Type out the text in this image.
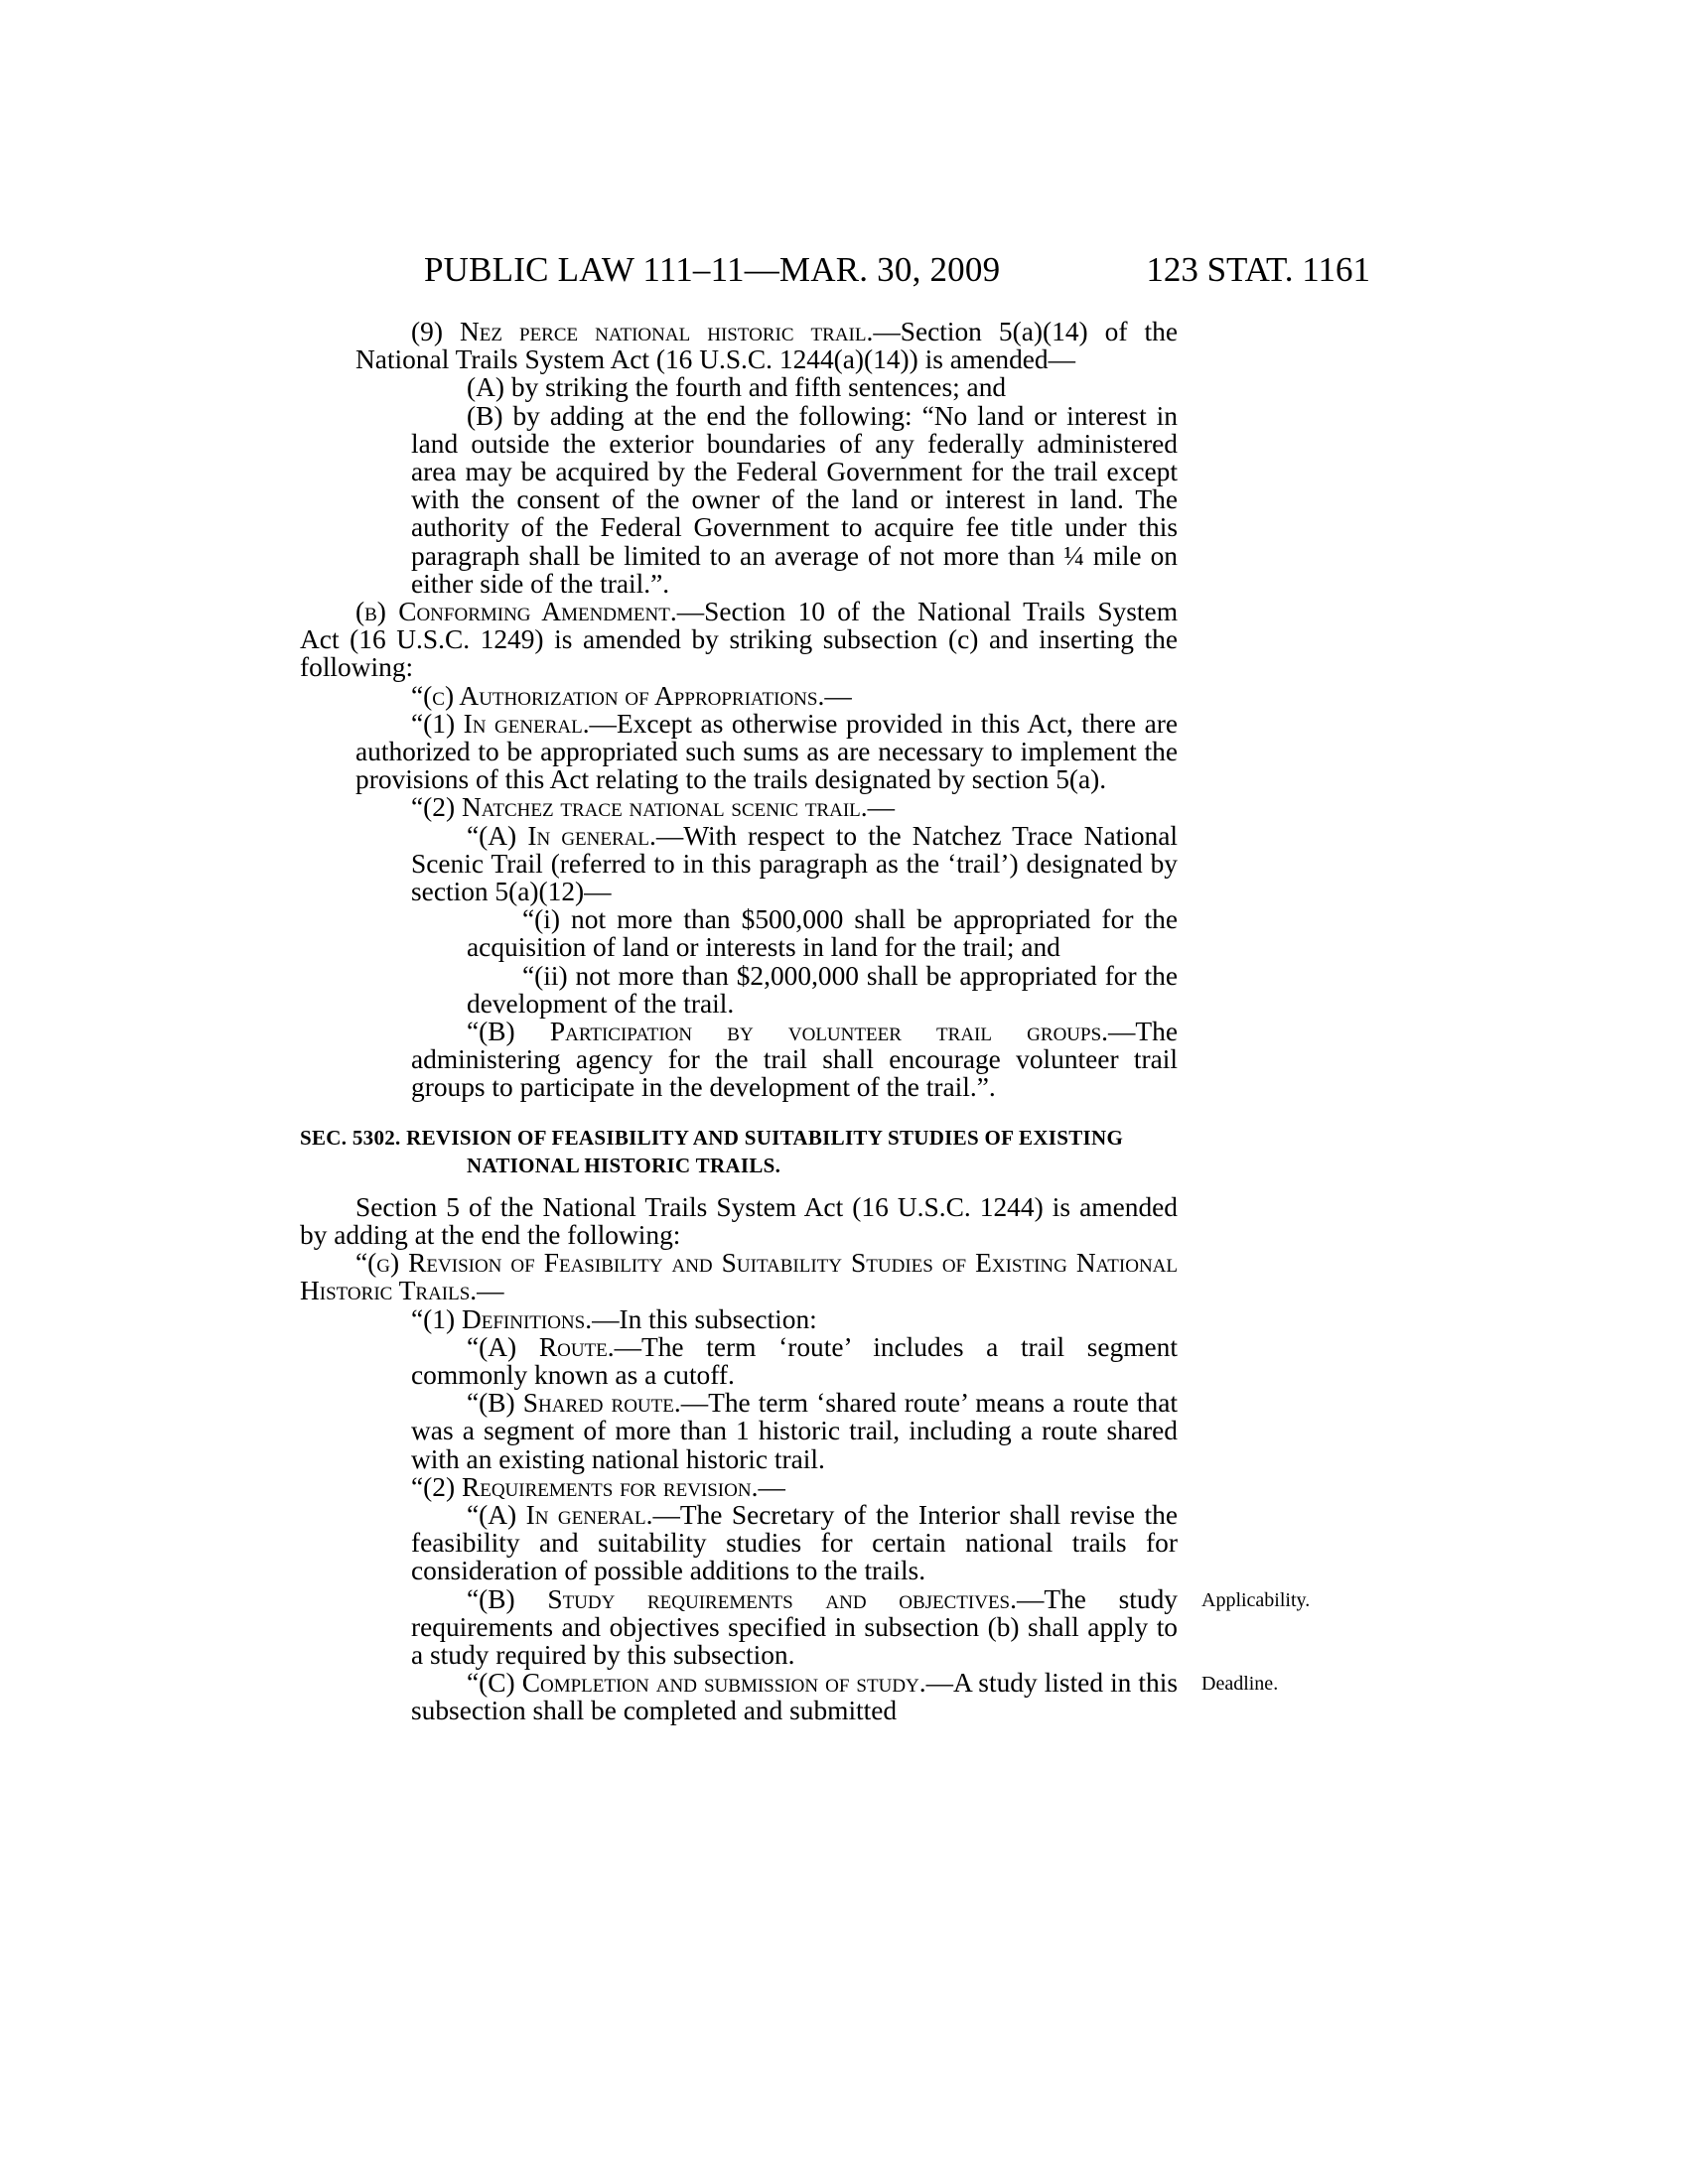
PUBLIC LAW 111–11—MAR. 30, 2009	123 STAT. 1161

(9) Nez perce national historic trail.—Section 5(a)(14) of the National Trails System Act (16 U.S.C. 1244(a)(14)) is amended—

(A) by striking the fourth and fifth sentences; and

(B) by adding at the end the following: “No land or interest in land outside the exterior boundaries of any federally administered area may be acquired by the Federal Government for the trail except with the consent of the owner of the land or interest in land. The authority of the Federal Government to acquire fee title under this paragraph shall be limited to an average of not more than ¼ mile on either side of the trail.”.

(b) Conforming Amendment.—Section 10 of the National Trails System Act (16 U.S.C. 1249) is amended by striking subsection (c) and inserting the following:

“(c) Authorization of Appropriations.—

“(1) In general.—Except as otherwise provided in this Act, there are authorized to be appropriated such sums as are necessary to implement the provisions of this Act relating to the trails designated by section 5(a).

“(2) Natchez trace national scenic trail.—

“(A) In general.—With respect to the Natchez Trace National Scenic Trail (referred to in this paragraph as the ‘trail’) designated by section 5(a)(12)—

“(i) not more than $500,000 shall be appropriated for the acquisition of land or interests in land for the trail; and

“(ii) not more than $2,000,000 shall be appropriated for the development of the trail.

“(B) Participation by volunteer trail groups.—The administering agency for the trail shall encourage volunteer trail groups to participate in the development of the trail.”.

SEC. 5302. REVISION OF FEASIBILITY AND SUITABILITY STUDIES OF EXISTING NATIONAL HISTORIC TRAILS.

Section 5 of the National Trails System Act (16 U.S.C. 1244) is amended by adding at the end the following:

“(g) Revision of Feasibility and Suitability Studies of Existing National Historic Trails.—

“(1) Definitions.—In this subsection:

“(A) Route.—The term ‘route’ includes a trail segment commonly known as a cutoff.

“(B) Shared route.—The term ‘shared route’ means a route that was a segment of more than 1 historic trail, including a route shared with an existing national historic trail.

“(2) Requirements for revision.—

“(A) In general.—The Secretary of the Interior shall revise the feasibility and suitability studies for certain national trails for consideration of possible additions to the trails.

“(B) Study requirements and objectives.—The study requirements and objectives specified in subsection (b) shall apply to a study required by this subsection.

“(C) Completion and submission of study.—A study listed in this subsection shall be completed and submitted

Applicability.
Deadline.
